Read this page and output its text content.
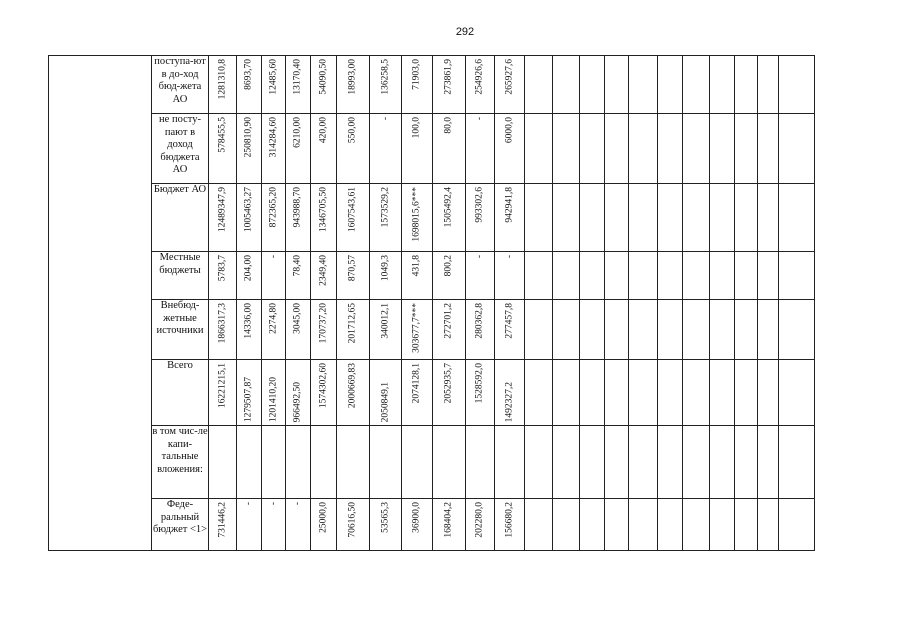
292
	поступа-ют в до-ход бюд-жета АО	1281310,8	8693,70	12485,60	13170,40	54090,50	18993,00	136258,5	71903,0	273861,9	254926,6	265927,6											

	не посту-пают в доход бюджета АО	578455,5	250810,90	314284,60	6210,00	420,00	550,00	-	100,0	80,0	-	6000,0											

	Бюджет АО	12489347,9	1005463,27	872365,20	943988,70	1346705,50	1607543,61	1573529,2	1698015,6***	1505492,4	993302,6	942941,8											

	Местные бюджеты	5783,7	204,00	-	78,40	2349,40	870,57	1049,3	431,8	800,2	-	-											

	Внебюд-жетные источники	1866317,3	14336,00	2274,80	3045,00	170737,20	201712,65	340012,1	303677,7***	272701,2	280362,8	277457,8											

	Всего	16221215,1	1279507,87	1201410,20	966492,50	1574302,60	2000669,83	2050849,1	2074128,1	2052935,7	1528592,0	1492327,2											

	в том чис-ле капи-тальные вложения:	

	Феде-ральный бюджет <1>	731446,2	-	-	-	25000,0	70616,50	53565,3	36900,0	168404,2	202280,0	156680,2											
